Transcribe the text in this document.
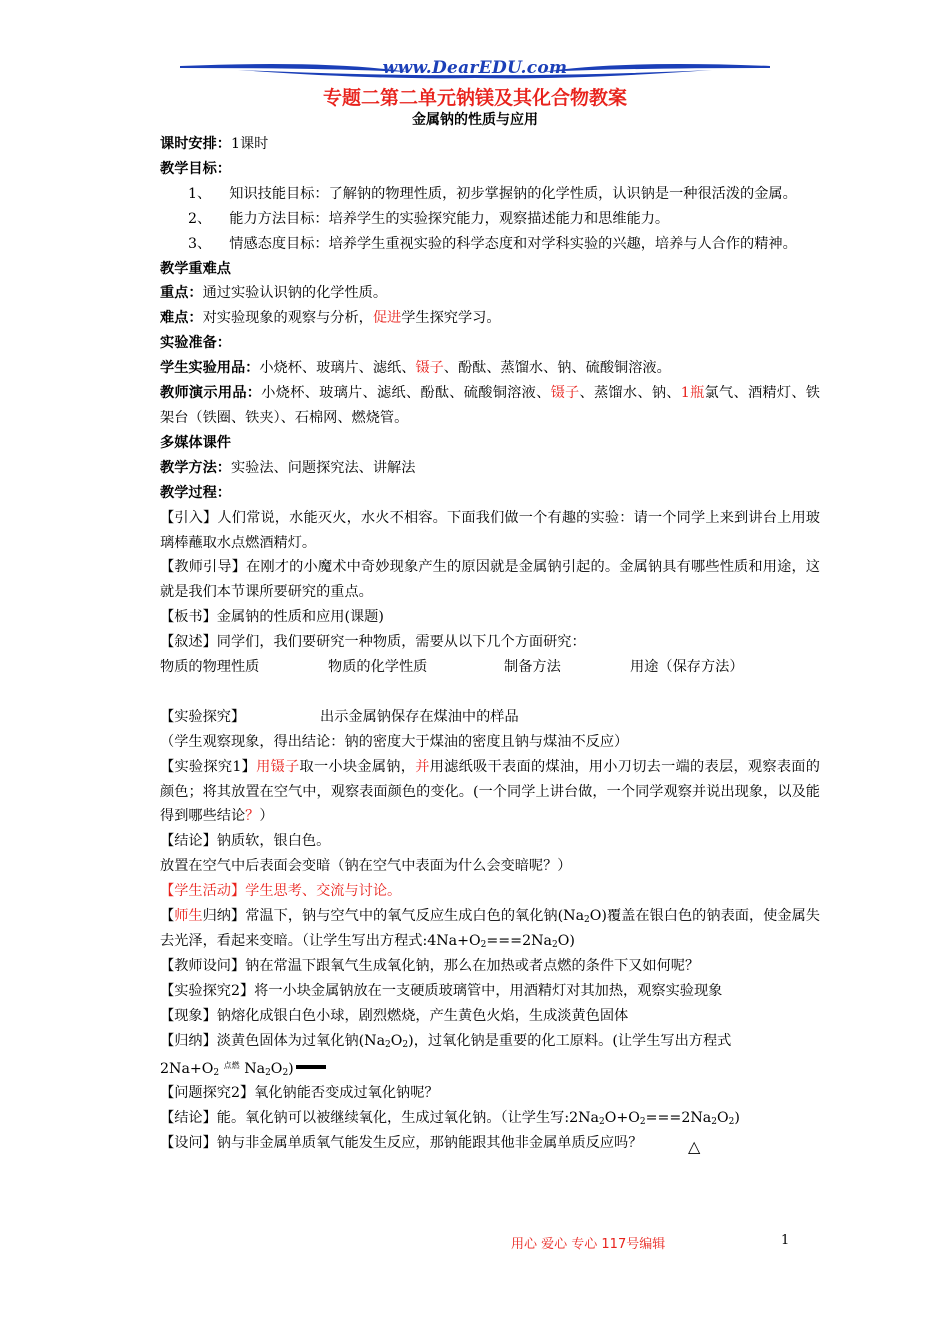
www.DearEDU.com
专题二第二单元钠镁及其化合物教案
金属钠的性质与应用

课时安排：1课时

教学目标：

1、 知识技能目标：了解钠的物理性质，初步掌握钠的化学性质，认识钠是一种很活泼的金属。

2、 能力方法目标：培养学生的实验探究能力，观察描述能力和思维能力。

3、 情感态度目标：培养学生重视实验的科学态度和对学科实验的兴趣，培养与人合作的精神。

教学重难点

重点：通过实验认识钠的化学性质。

难点：对实验现象的观察与分析，促进学生探究学习。

实验准备：

学生实验用品：小烧杯、玻璃片、滤纸、镊子、酚酞、蒸馏水、钠、硫酸铜溶液。

教师演示用品：小烧杯、玻璃片、滤纸、酚酞、硫酸铜溶液、镊子、蒸馏水、钠、1瓶氯气、酒精灯、铁架台（铁圈、铁夹）、石棉网、燃烧管。

多媒体课件

教学方法：实验法、问题探究法、讲解法

教学过程：

【引入】人们常说，水能灭火，水火不相容。下面我们做一个有趣的实验：请一个同学上来到讲台上用玻璃棒蘸取水点燃酒精灯。

【教师引导】在刚才的小魔术中奇妙现象产生的原因就是金属钠引起的。金属钠具有哪些性质和用途，这就是我们本节课所要研究的重点。

【板书】金属钠的性质和应用(课题)

【叙述】同学们，我们要研究一种物质，需要从以下几个方面研究：

物质的物理性质	物质的化学性质	制备方法	用途（保存方法）

【实验探究】	出示金属钠保存在煤油中的样品

（学生观察现象，得出结论：钠的密度大于煤油的密度且钠与煤油不反应）

【实验探究1】用镊子取一小块金属钠，并用滤纸吸干表面的煤油，用小刀切去一端的表层，观察表面的颜色；将其放置在空气中，观察表面颜色的变化。(一个同学上讲台做，一个同学观察并说出现象，以及能得到哪些结论？）

【结论】钠质软，银白色。

放置在空气中后表面会变暗（钠在空气中表面为什么会变暗呢？）

【学生活动】学生思考、交流与讨论。

【师生归纳】常温下，钠与空气中的氧气反应生成白色的氧化钠$(Na_2O)$覆盖在银白色的钠表面，使金属失去光泽，看起来变暗。（让学生写出方程式$:4Na+O_2===2Na_2O$)

【教师设问】钠在常温下跟氧气生成氧化钠，那么在加热或者点燃的条件下又如何呢？

【实验探究2】将一小块金属钠放在一支硬质玻璃管中，用酒精灯对其加热，观察实验现象

【现象】钠熔化成银白色小球，剧烈燃烧，产生黄色火焰，生成淡黄色固体

【归纳】淡黄色固体为过氧化钠$(Na_2O_2)$，过氧化钠是重要的化工原料。(让学生写出方程式

$2Na+O_2$ $^{点燃}$ $Na_2O_2$)

【问题探究2】氧化钠能否变成过氧化钠呢？

【结论】能。氧化钠可以被继续氧化，生成过氧化钠。（让学生写$:2Na_2O+O_2===2Na_2O_2$)

【设问】钠与非金属单质氧气能发生反应，那钠能跟其他非金属单质反应吗？	△
用心 爱心 专心 117号编辑	1
